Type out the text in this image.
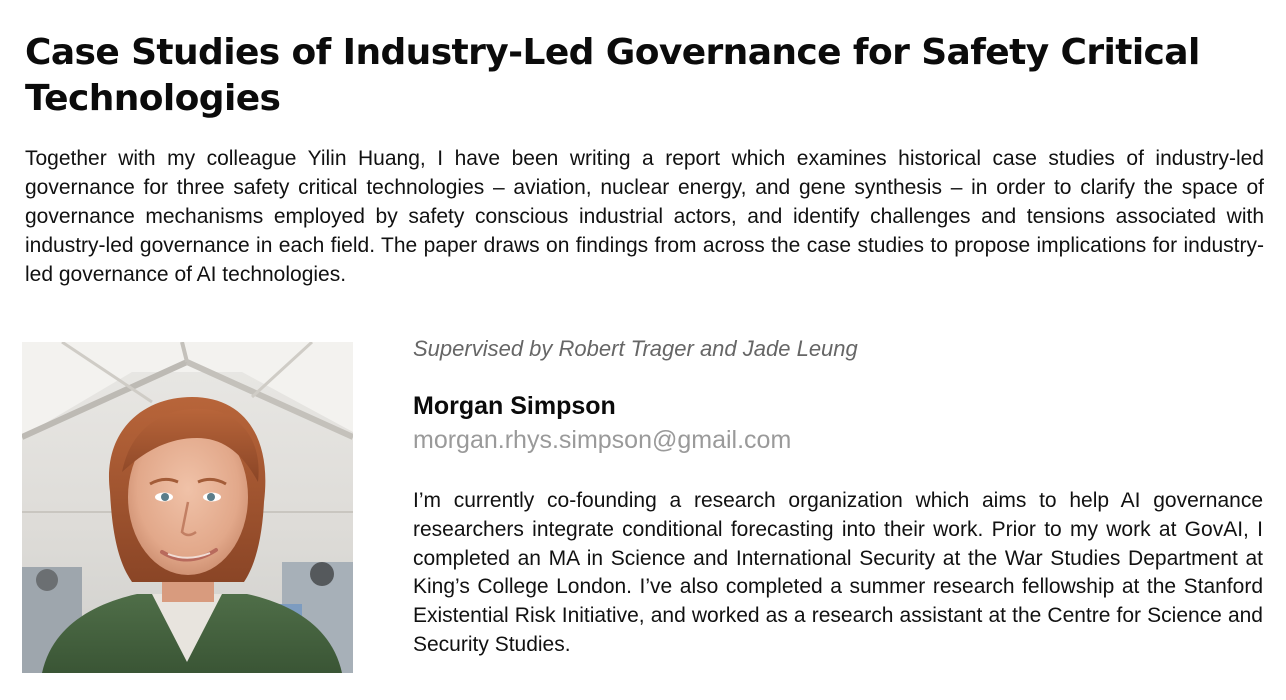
Case Studies of Industry-Led Governance for Safety Critical Technologies

Together with my colleague Yilin Huang, I have been writing a report which examines historical case studies of industry-led governance for three safety critical technologies – aviation, nuclear energy, and gene synthesis – in order to clarify the space of governance mechanisms employed by safety conscious industrial actors, and identify challenges and tensions associated with industry-led governance in each field. The paper draws on findings from across the case studies to propose implications for industry-led governance of AI technologies.

Supervised by Robert Trager and Jade Leung

Morgan Simpson
morgan.rhys.simpson@gmail.com

I’m currently co-founding a research organization which aims to help AI governance researchers integrate conditional forecasting into their work. Prior to my work at GovAI, I completed an MA in Science and International Security at the War Studies Department at King’s College London. I’ve also completed a summer research fellowship at the Stanford Existential Risk Initiative, and worked as a research assistant at the Centre for Science and Security Studies.
